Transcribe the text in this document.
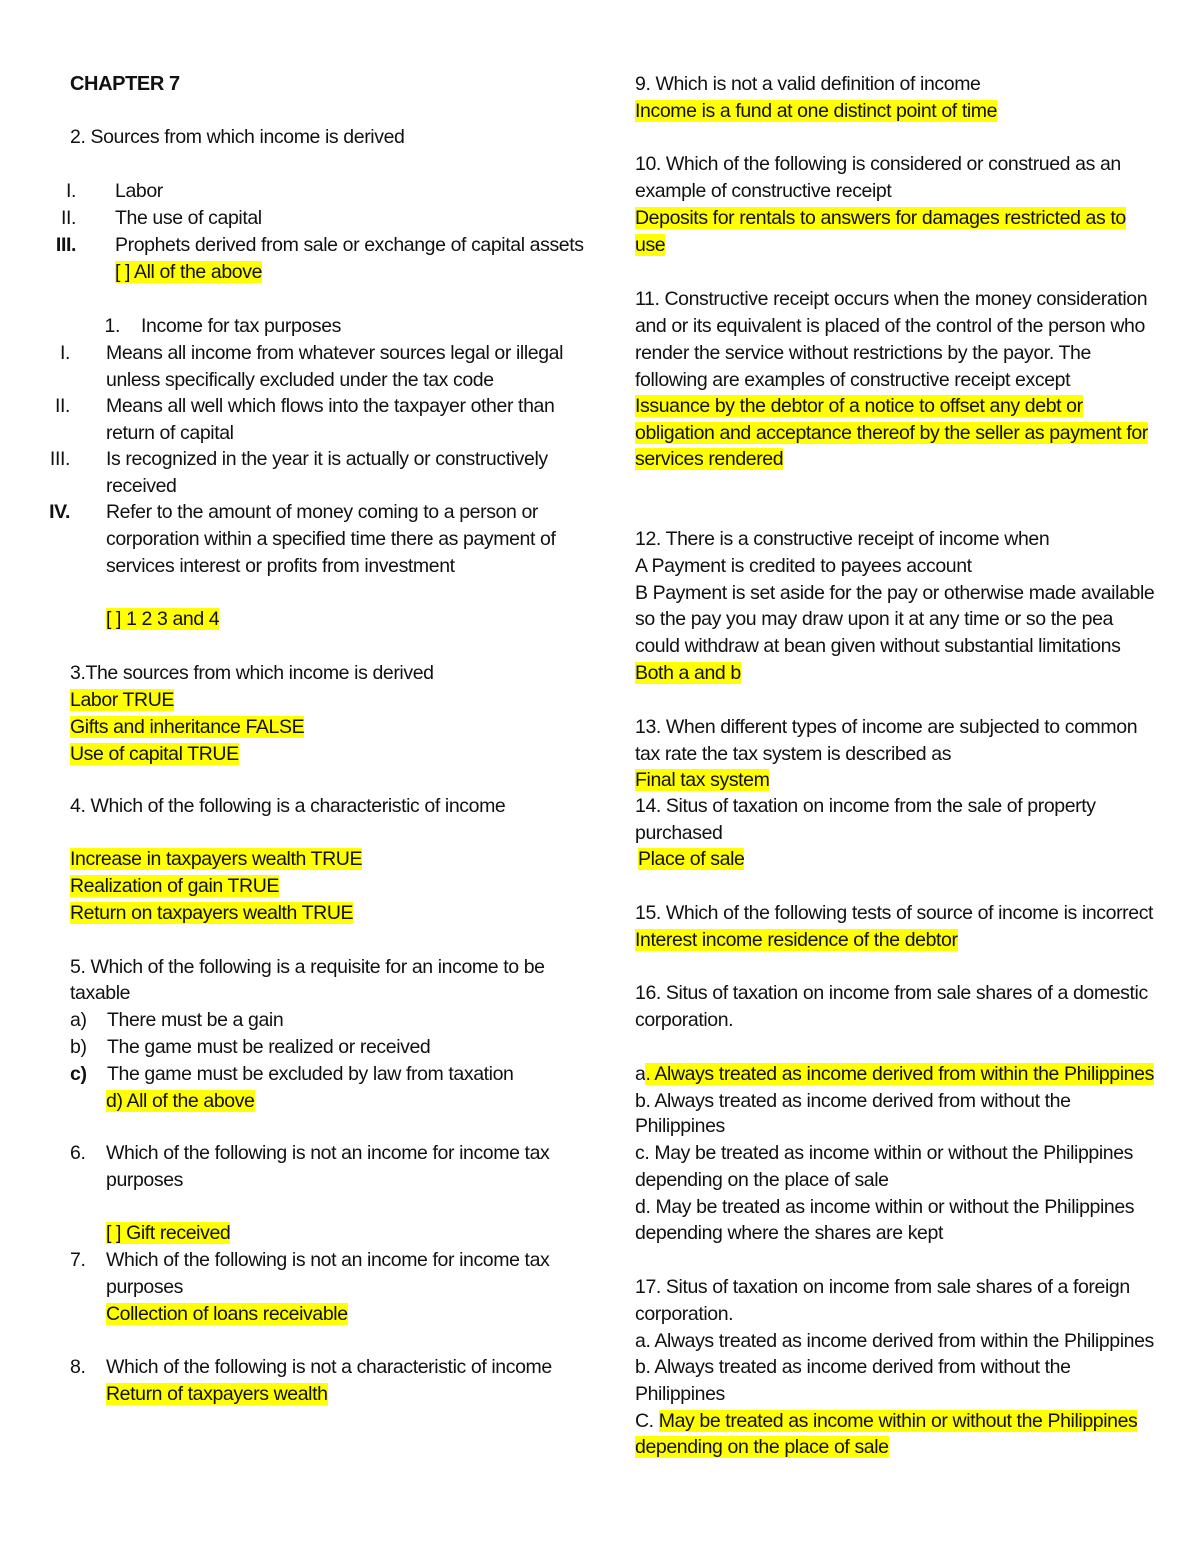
CHAPTER 7
2. Sources from which income is derived
I. Labor
II. The use of capital
III. Prophets derived from sale or exchange of capital assets
[ ] All of the above
1. Income for tax purposes
I. Means all income from whatever sources legal or illegal
unless specifically excluded under the tax code
II. Means all well which flows into the taxpayer other than
return of capital
III. Is recognized in the year it is actually or constructively
received
IV. Refer to the amount of money coming to a person or
corporation within a specified time there as payment of
services interest or profits from investment
[ ] 1 2 3 and 4
3.The sources from which income is derived
Labor TRUE
Gifts and inheritance FALSE
Use of capital TRUE
4. Which of the following is a characteristic of income
Increase in taxpayers wealth TRUE
Realization of gain TRUE
Return on taxpayers wealth TRUE
5. Which of the following is a requisite for an income to be
taxable
a) There must be a gain
b) The game must be realized or received
c) The game must be excluded by law from taxation
d) All of the above
6. Which of the following is not an income for income tax
purposes
[ ] Gift received
7. Which of the following is not an income for income tax
purposes
Collection of loans receivable
8. Which of the following is not a characteristic of income
Return of taxpayers wealth
9. Which is not a valid definition of income
Income is a fund at one distinct point of time
10. Which of the following is considered or construed as an
example of constructive receipt
Deposits for rentals to answers for damages restricted as to
use
11. Constructive receipt occurs when the money consideration
and or its equivalent is placed of the control of the person who
render the service without restrictions by the payor. The
following are examples of constructive receipt except
Issuance by the debtor of a notice to offset any debt or
obligation and acceptance thereof by the seller as payment for
services rendered
12. There is a constructive receipt of income when
A Payment is credited to payees account
B Payment is set aside for the pay or otherwise made available
so the pay you may draw upon it at any time or so the pea
could withdraw at bean given without substantial limitations
Both a and b
13. When different types of income are subjected to common
tax rate the tax system is described as
Final tax system
14. Situs of taxation on income from the sale of property
purchased
Place of sale
15. Which of the following tests of source of income is incorrect
Interest income residence of the debtor
16. Situs of taxation on income from sale shares of a domestic
corporation.
a. Always treated as income derived from within the Philippines
b. Always treated as income derived from without the
Philippines
c. May be treated as income within or without the Philippines
depending on the place of sale
d. May be treated as income within or without the Philippines
depending where the shares are kept
17. Situs of taxation on income from sale shares of a foreign
corporation.
a. Always treated as income derived from within the Philippines
b. Always treated as income derived from without the
Philippines
C. May be treated as income within or without the Philippines
depending on the place of sale
